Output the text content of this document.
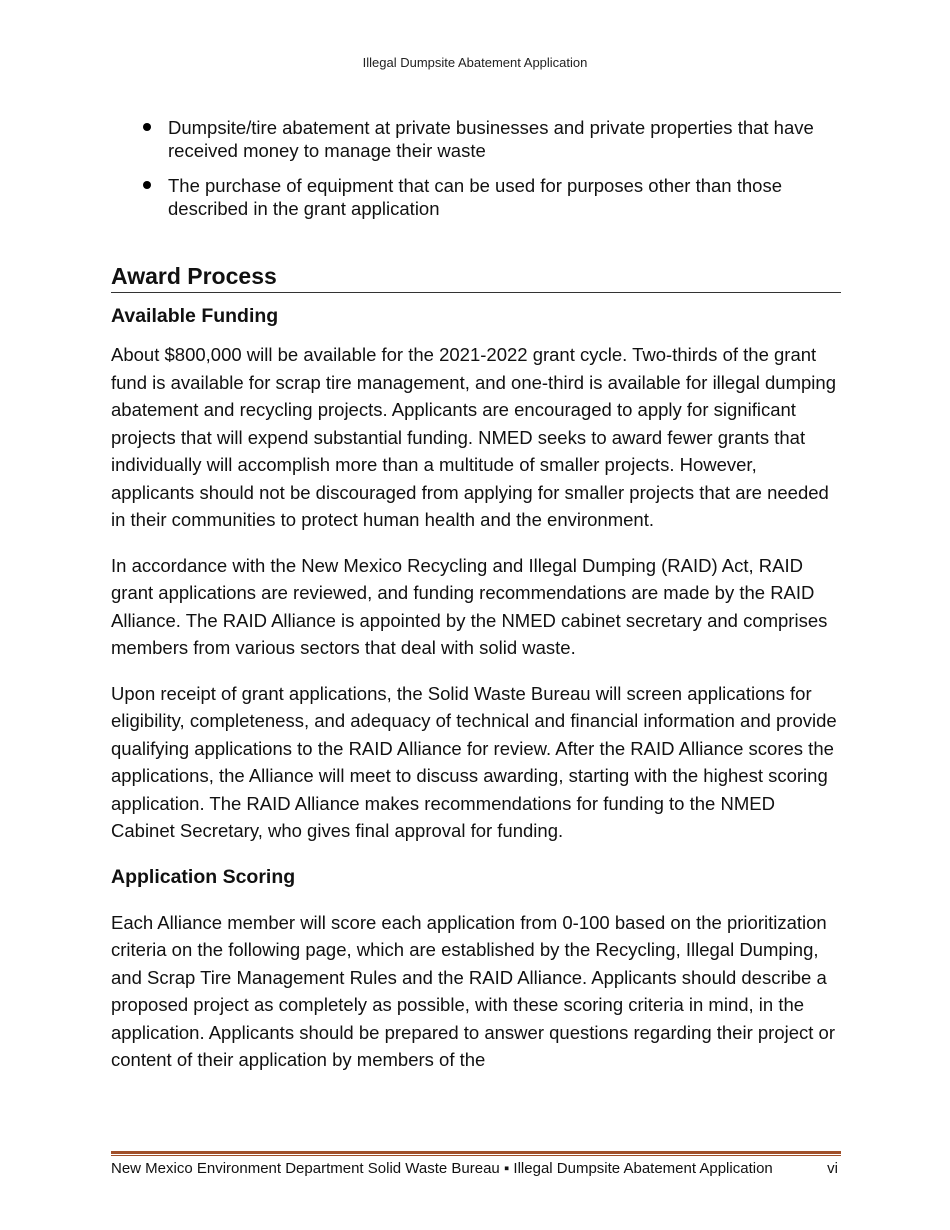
Illegal Dumpsite Abatement Application
Dumpsite/tire abatement at private businesses and private properties that have received money to manage their waste
The purchase of equipment that can be used for purposes other than those described in the grant application
Award Process
Available Funding

About $800,000 will be available for the 2021-2022 grant cycle. Two-thirds of the grant fund is available for scrap tire management, and one-third is available for illegal dumping abatement and recycling projects. Applicants are encouraged to apply for significant projects that will expend substantial funding. NMED seeks to award fewer grants that individually will accomplish more than a multitude of smaller projects. However, applicants should not be discouraged from applying for smaller projects that are needed in their communities to protect human health and the environment.

In accordance with the New Mexico Recycling and Illegal Dumping (RAID) Act, RAID grant applications are reviewed, and funding recommendations are made by the RAID Alliance. The RAID Alliance is appointed by the NMED cabinet secretary and comprises members from various sectors that deal with solid waste.

Upon receipt of grant applications, the Solid Waste Bureau will screen applications for eligibility, completeness, and adequacy of technical and financial information and provide qualifying applications to the RAID Alliance for review. After the RAID Alliance scores the applications, the Alliance will meet to discuss awarding, starting with the highest scoring application. The RAID Alliance makes recommendations for funding to the NMED Cabinet Secretary, who gives final approval for funding.

Application Scoring

Each Alliance member will score each application from 0-100 based on the prioritization criteria on the following page, which are established by the Recycling, Illegal Dumping, and Scrap Tire Management Rules and the RAID Alliance. Applicants should describe a proposed project as completely as possible, with these scoring criteria in mind, in the application. Applicants should be prepared to answer questions regarding their project or content of their application by members of the

New Mexico Environment Department Solid Waste Bureau ▪ Illegal Dumpsite Abatement Application	vi
